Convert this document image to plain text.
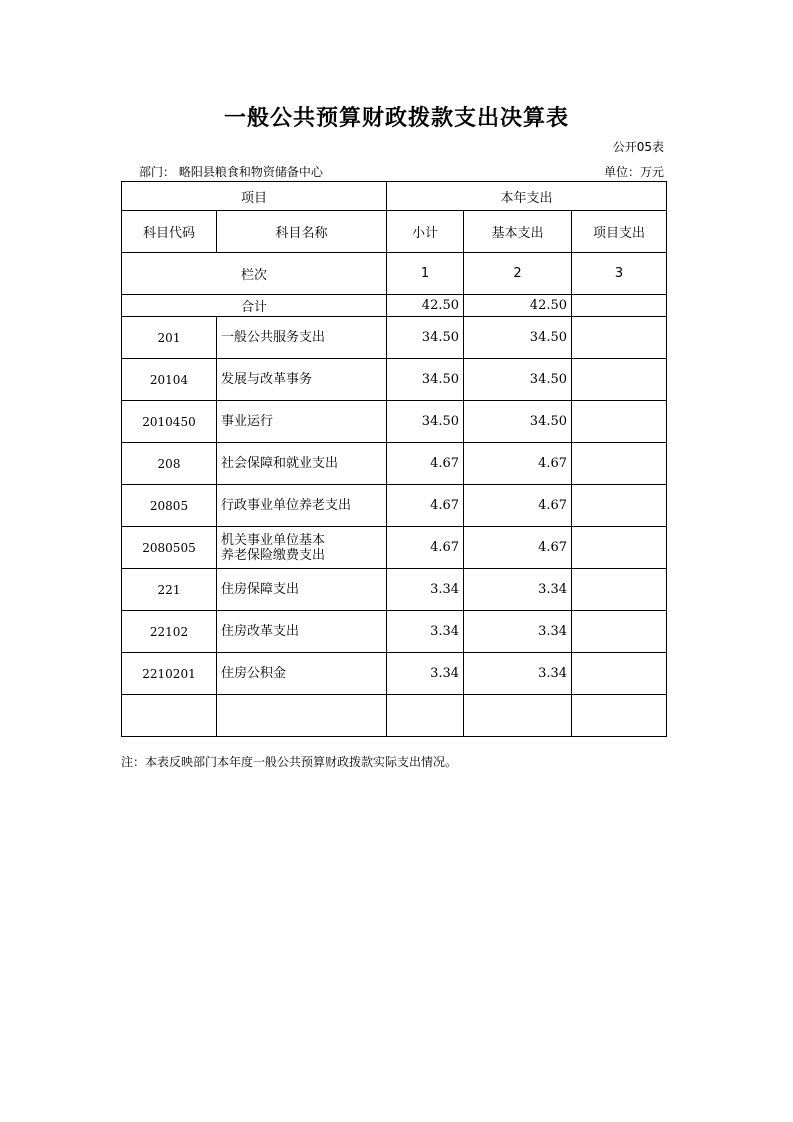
一般公共预算财政拨款支出决算表
公开05表
部门： 略阳县粮食和物资储备中心	单位：万元
项目		本年支出		
科目代码	科目名称	小计	基本支出	项目支出
栏次		1	2	3
合计		42.50	42.50	
201	一般公共服务支出	34.50	34.50	
20104	发展与改革事务	34.50	34.50	
2010450	事业运行	34.50	34.50	
208	社会保障和就业支出	4.67	4.67	
20805	行政事业单位养老支出	4.67	4.67	
2080505	机关事业单位基本
养老保险缴费支出	4.67	4.67	
221	住房保障支出	3.34	3.34	
22102	住房改革支出	3.34	3.34	
2210201	住房公积金	3.34	3.34	

注：本表反映部门本年度一般公共预算财政拨款实际支出情况。
